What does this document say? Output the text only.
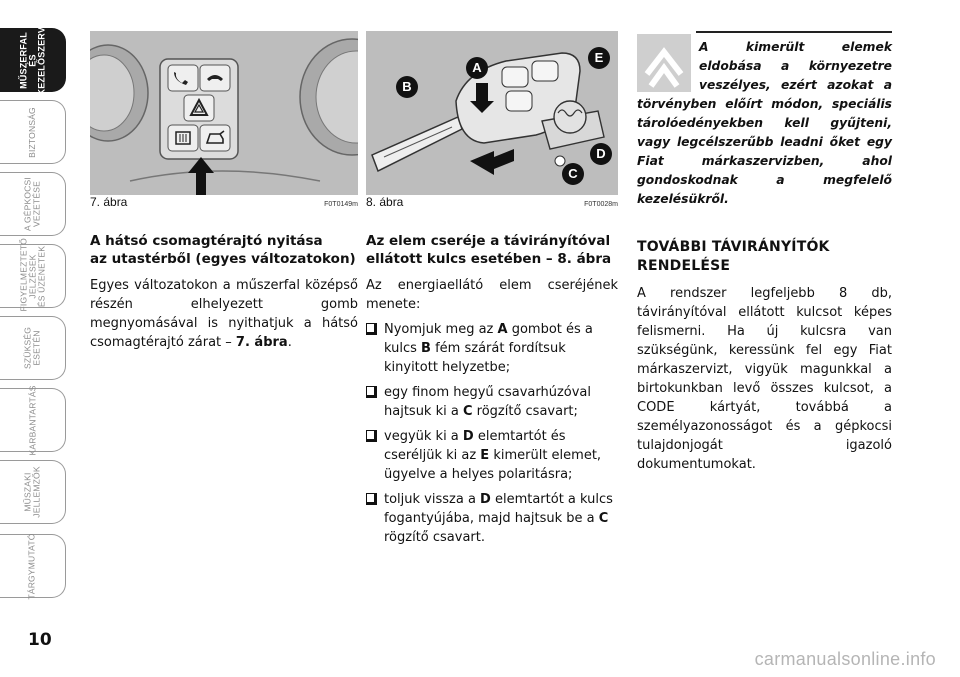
MŰSZERFAL
ÉS
KEZELŐSZERVEK
BIZTONSÁG
A GÉPKOCSI
VEZETÉSE
FIGYELMEZTETŐ
JELZÉSEK
ÉS ÜZENETEK
SZÜKSÉG
ESETÉN
KARBANTARTÁS
MŰSZAKI
JELLEMZŐK
TÁRGYMUTATÓ
10
7. ábra	F0T0149m
A
B
C
D
E
8. ábra	F0T0028m
A kimerült elemek eldobása a környezetre veszélyes, ezért azokat a törvényben előírt módon, speciális tárolóedényekben kell gyűjteni, vagy legcélszerűbb leadni őket egy Fiat márkaszervizben, ahol gondoskodnak a megfelelő kezelésükről.
A hátsó csomagtérajtó nyitása
az utastérből (egyes változatokon)

Egyes változatokon a műszerfal középső részén elhelyezett gomb megnyomásával is nyithatjuk a hátsó csomagtérajtó zárat – 7. ábra.

Az elem cseréje a távirányítóval
ellátott kulcs esetében – 8. ábra

Az energiaellátó elem cseréjének menete:

Nyomjuk meg az A gombot és a kulcs B fém szárát fordítsuk kinyitott helyzetbe;
egy finom hegyű csavarhúzóval hajtsuk ki a C rögzítő csavart;
vegyük ki a D elemtartót és cseréljük ki az E kimerült elemet, ügyelve a helyes polaritásra;
toljuk vissza a D elemtartót a kulcs fogantyújába, majd hajtsuk be a C rögzítő csavart.
TOVÁBBI TÁVIRÁNYÍTÓK
RENDELÉSE

A rendszer legfeljebb 8 db, távirányítóval ellátott kulcsot képes felismerni. Ha új kulcsra van szükségünk, keressünk fel egy Fiat márkaszervizt, vigyük magunkkal a birtokunkban levő összes kulcsot, a CODE kártyát, továbbá a személyazonosságot és a gépkocsi tulajdonjogát igazoló dokumentumokat.

carmanualsonline.info
